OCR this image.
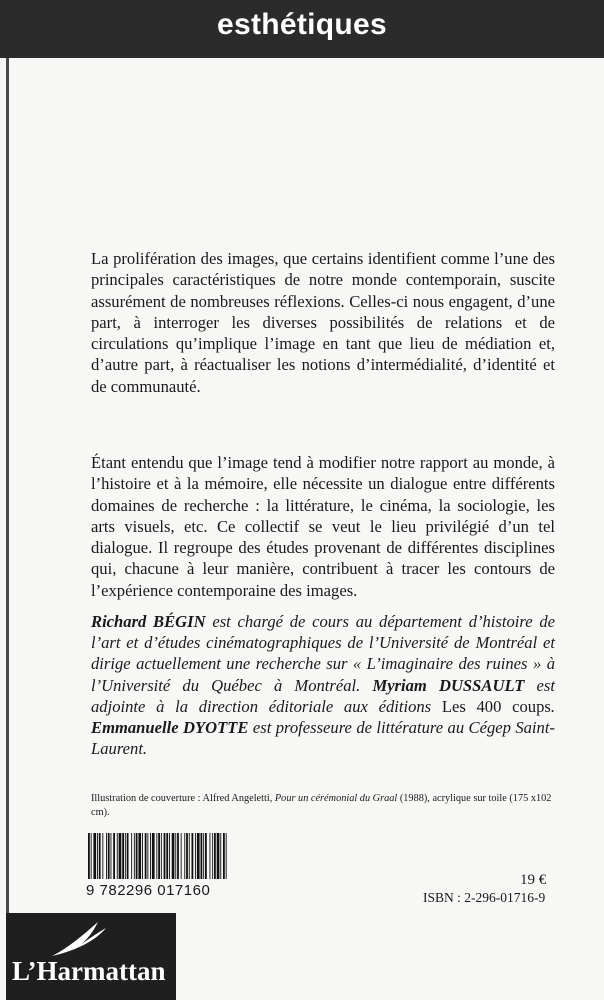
esthétiques

La prolifération des images, que certains identifient comme l’une des principales caractéristiques de notre monde contemporain, suscite assurément de nombreuses réflexions. Celles-ci nous engagent, d’une part, à interroger les diverses possibilités de relations et de circulations qu’implique l’image en tant que lieu de médiation et, d’autre part, à réactualiser les notions d’intermédialité, d’identité et de communauté.

Étant entendu que l’image tend à modifier notre rapport au monde, à l’histoire et à la mémoire, elle nécessite un dialogue entre différents domaines de recherche : la littérature, le cinéma, la sociologie, les arts visuels, etc. Ce collectif se veut le lieu privilégié d’un tel dialogue. Il regroupe des études provenant de différentes disciplines qui, chacune à leur manière, contribuent à tracer les contours de l’expérience contemporaine des images.

Richard BÉGIN est chargé de cours au département d’histoire de l’art et d’études cinématographiques de l’Université de Montréal et dirige actuellement une recherche sur « L’imaginaire des ruines » à l’Université du Québec à Montréal. Myriam DUSSAULT est adjointe à la direction éditoriale aux éditions Les 400 coups. Emmanuelle DYOTTE est professeure de littérature au Cégep Saint-Laurent.

Illustration de couverture : Alfred Angeletti, Pour un cérémonial du Graal (1988), acrylique sur toile (175 x102 cm).

9 782296 017160
19 €
ISBN : 2-296-01716-9
L’Harmattan
